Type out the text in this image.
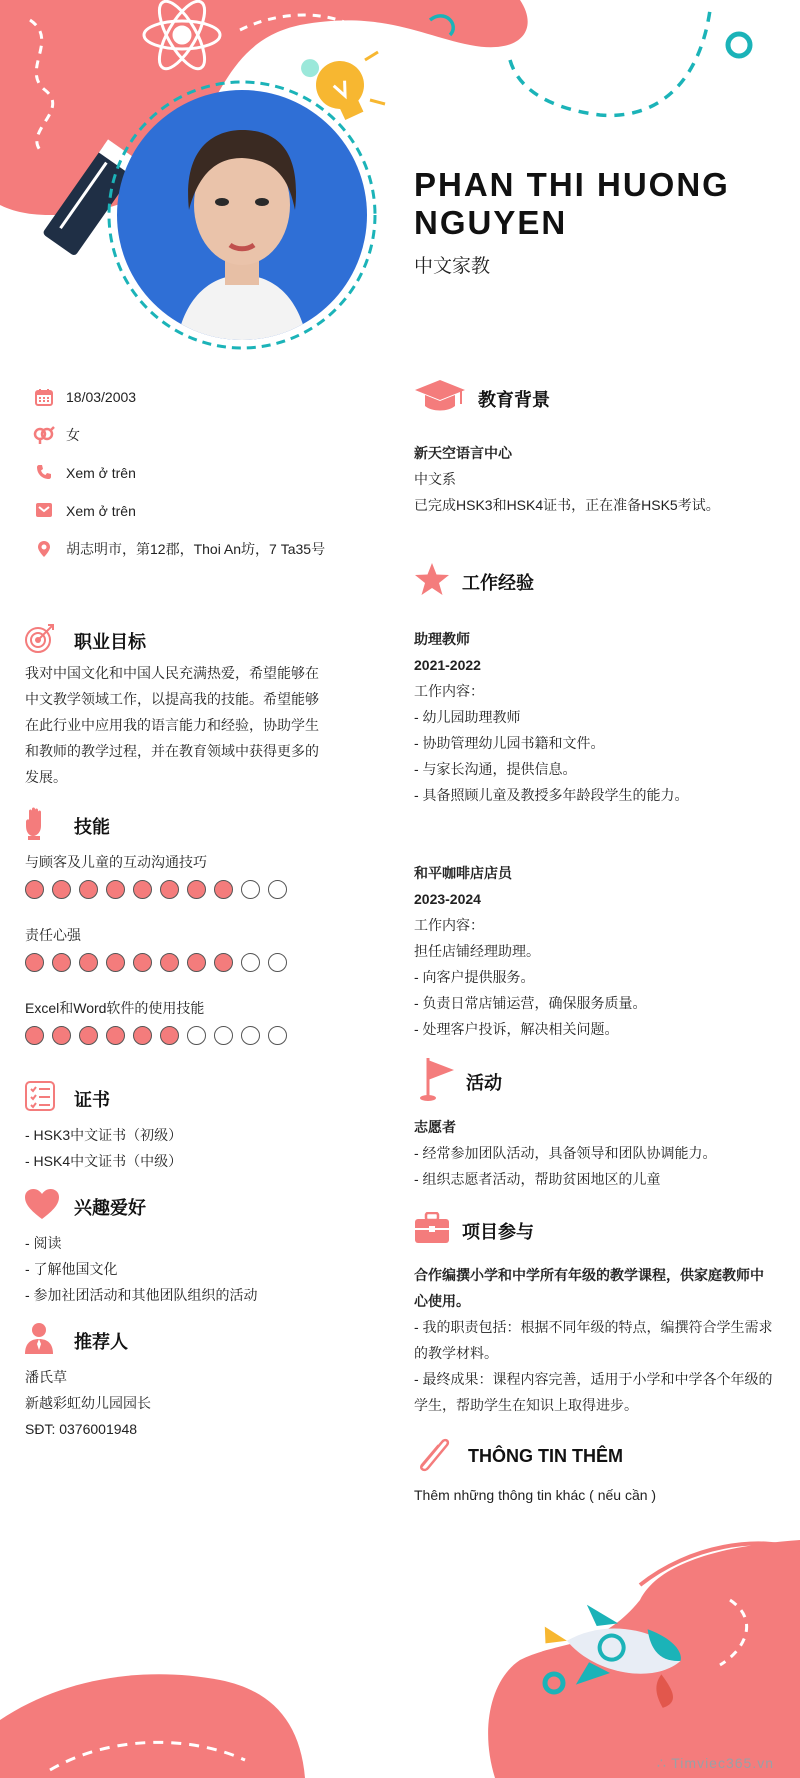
PHAN THI HUONG NGUYEN
中文家教
18/03/2003
女
Xem ở trên
Xem ở trên
胡志明市，第12郡，Thoi An坊，7 Ta35号
职业目标
我对中国文化和中国人民充满热爱，希望能够在中文教学领域工作，以提高我的技能。希望能够在此行业中应用我的语言能力和经验，协助学生和教师的教学过程，并在教育领域中获得更多的发展。
技能
与顾客及儿童的互动沟通技巧
责任心强
Excel和Word软件的使用技能
证书
- HSK3中文证书（初级）
- HSK4中文证书（中级）
兴趣爱好
- 阅读
- 了解他国文化
- 参加社团活动和其他团队组织的活动
推荐人
潘氏草
新越彩虹幼儿园园长
SĐT: 0376001948
教育背景
新天空语言中心
中文系
已完成HSK3和HSK4证书，正在准备HSK5考试。
工作经验
助理教师
2021-2022
工作内容：
- 幼儿园助理教师
- 协助管理幼儿园书籍和文件。
- 与家长沟通，提供信息。
- 具备照顾儿童及教授多年龄段学生的能力。
和平咖啡店店员
2023-2024
工作内容：
担任店铺经理助理。
- 向客户提供服务。
- 负责日常店铺运营，确保服务质量。
- 处理客户投诉，解决相关问题。
活动
志愿者
- 经常参加团队活动，具备领导和团队协调能力。
- 组织志愿者活动，帮助贫困地区的儿童
项目参与
合作编撰小学和中学所有年级的教学课程，供家庭教师中心使用。
- 我的职责包括：根据不同年级的特点，编撰符合学生需求的教学材料。
- 最终成果：课程内容完善，适用于小学和中学各个年级的学生，帮助学生在知识上取得进步。
THÔNG TIN THÊM
Thêm những thông tin khác ( nếu cần )
∴ Timviec365.vn
